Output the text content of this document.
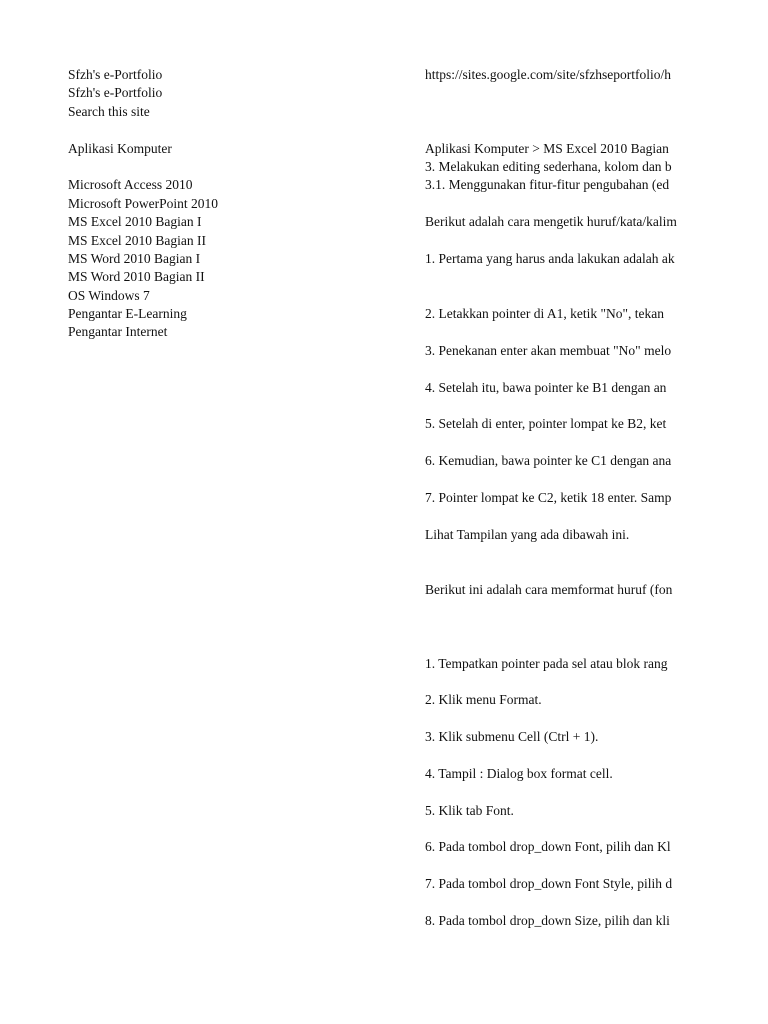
Sfzh's e-Portfolio
Sfzh's e-Portfolio
Search this site
Aplikasi Komputer
Microsoft Access 2010
Microsoft PowerPoint 2010
MS Excel 2010 Bagian I
MS Excel 2010 Bagian II
MS Word 2010 Bagian I
MS Word 2010 Bagian II
OS Windows 7
Pengantar E-Learning
Pengantar Internet
https://sites.google.com/site/sfzhseportfolio/h
Aplikasi Komputer > MS Excel 2010 Bagian
3. Melakukan editing sederhana, kolom dan b
3.1. Menggunakan fitur-fitur pengubahan (ed
Berikut adalah cara mengetik huruf/kata/kalim
1. Pertama yang harus anda lakukan adalah ak
2. Letakkan pointer di A1, ketik "No", tekan
3. Penekanan enter akan membuat "No" melo
4. Setelah itu, bawa pointer ke B1 dengan an
5. Setelah di enter, pointer lompat ke B2, ket
6. Kemudian, bawa pointer ke C1 dengan ana
7. Pointer lompat ke C2, ketik 18 enter. Samp
Lihat Tampilan yang ada dibawah ini.
Berikut ini adalah cara memformat huruf (fon
1. Tempatkan pointer pada sel atau blok rang
2. Klik menu Format.
3. Klik submenu Cell (Ctrl + 1).
4. Tampil : Dialog box format cell.
5. Klik tab Font.
6. Pada tombol drop_down Font, pilih dan Kl
7. Pada tombol drop_down Font Style, pilih d
8. Pada tombol drop_down Size, pilih dan kli
